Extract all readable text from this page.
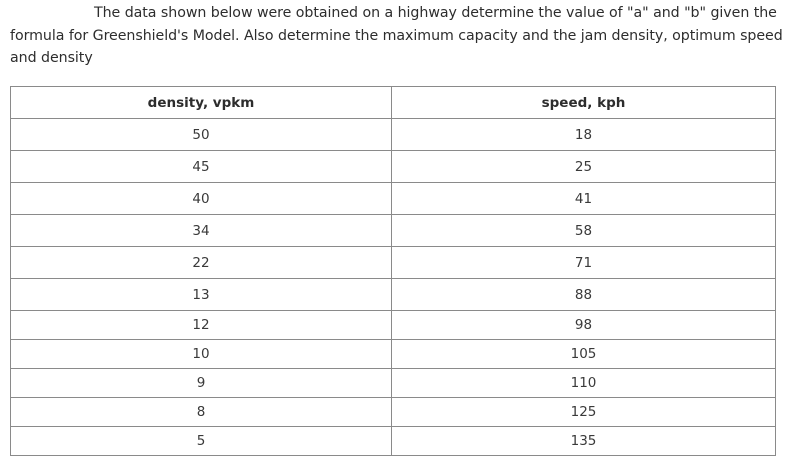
The data shown below were obtained on a highway determine the value of "a" and "b" given the formula for Greenshield's Model. Also determine the maximum capacity and the jam density, optimum speed and density

density, vpkm	speed, kph
50	18
45	25
40	41
34	58
22	71
13	88
12	98
10	105
9	110
8	125
5	135
